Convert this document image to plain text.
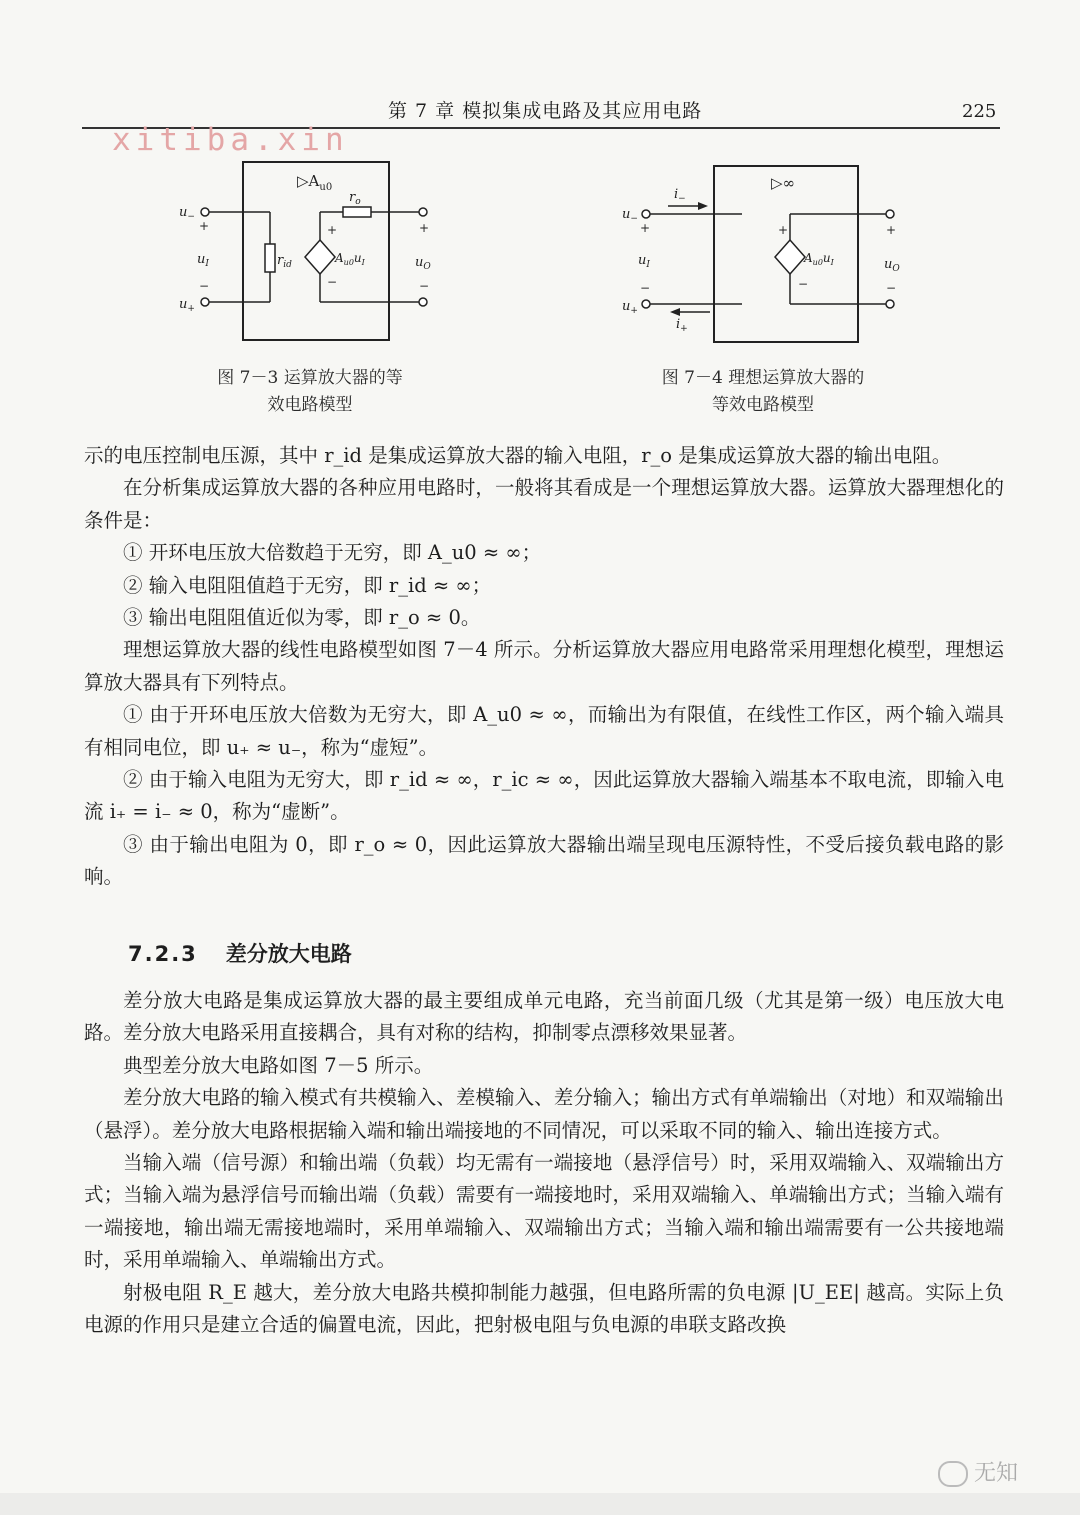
第 7 章 模拟集成电路及其应用电路	225
xitiba.xin
$▷A_{u0}$
$r_{id}$
$u_-$
+
$u_I$
−
$u_+$
+
−
$A_{u0}u_I$
$r_o$
+
$u_O$
−
图 7－3 运算放大器的等
效电路模型
▷∞
$i_-$
$i_+$
$u_-$
+
$u_I$
−
$u_+$
+
−
$A_{u0}u_I$
+
$u_O$
−
图 7－4 理想运算放大器的
等效电路模型

示的电压控制电压源，其中 r_id 是集成运算放大器的输入电阻，r_o 是集成运算放大器的输出电阻。

在分析集成运算放大器的各种应用电路时，一般将其看成是一个理想运算放大器。运算放大器理想化的条件是：

① 开环电压放大倍数趋于无穷，即 A_u0 ≈ ∞；

② 输入电阻阻值趋于无穷，即 r_id ≈ ∞；

③ 输出电阻阻值近似为零，即 r_o ≈ 0。

理想运算放大器的线性电路模型如图 7－4 所示。分析运算放大器应用电路常采用理想化模型，理想运算放大器具有下列特点。

① 由于开环电压放大倍数为无穷大，即 A_u0 ≈ ∞，而输出为有限值，在线性工作区，两个输入端具有相同电位，即 u₊ ≈ u₋，称为“虚短”。

② 由于输入电阻为无穷大，即 r_id ≈ ∞，r_ic ≈ ∞，因此运算放大器输入端基本不取电流，即输入电流 i₊ = i₋ ≈ 0，称为“虚断”。

③ 由于输出电阻为 0，即 r_o ≈ 0，因此运算放大器输出端呈现电压源特性，不受后接负载电路的影响。

7.2.3 差分放大电路

差分放大电路是集成运算放大器的最主要组成单元电路，充当前面几级（尤其是第一级）电压放大电路。差分放大电路采用直接耦合，具有对称的结构，抑制零点漂移效果显著。

典型差分放大电路如图 7－5 所示。

差分放大电路的输入模式有共模输入、差模输入、差分输入；输出方式有单端输出（对地）和双端输出（悬浮）。差分放大电路根据输入端和输出端接地的不同情况，可以采取不同的输入、输出连接方式。

当输入端（信号源）和输出端（负载）均无需有一端接地（悬浮信号）时，采用双端输入、双端输出方式；当输入端为悬浮信号而输出端（负载）需要有一端接地时，采用双端输入、单端输出方式；当输入端有一端接地，输出端无需接地端时，采用单端输入、双端输出方式；当输入端和输出端需要有一公共接地端时，采用单端输入、单端输出方式。

射极电阻 R_E 越大，差分放大电路共模抑制能力越强，但电路所需的负电源 |U_EE| 越高。实际上负电源的作用只是建立合适的偏置电流，因此，把射极电阻与负电源的串联支路改换

无知
